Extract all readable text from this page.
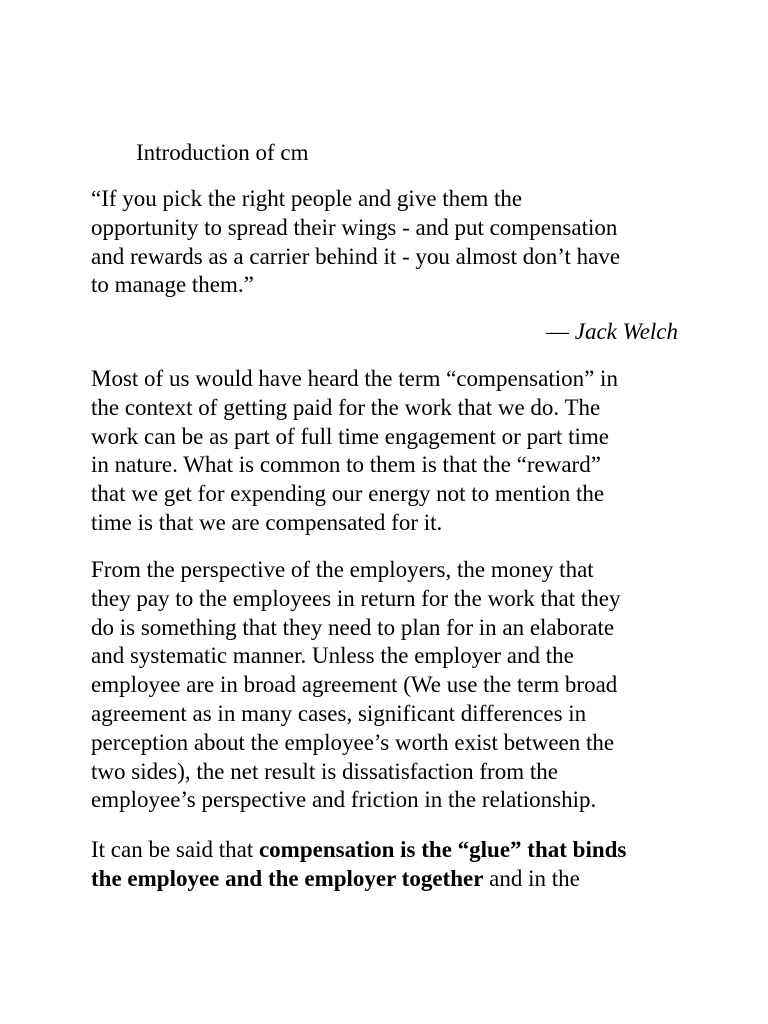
Introduction of cm

“If you pick the right people and give them the
opportunity to spread their wings - and put compensation
and rewards as a carrier behind it - you almost don’t have
to manage them.”

— Jack Welch

Most of us would have heard the term “compensation” in
the context of getting paid for the work that we do. The
work can be as part of full time engagement or part time
in nature. What is common to them is that the “reward”
that we get for expending our energy not to mention the
time is that we are compensated for it.

From the perspective of the employers, the money that
they pay to the employees in return for the work that they
do is something that they need to plan for in an elaborate
and systematic manner. Unless the employer and the
employee are in broad agreement (We use the term broad
agreement as in many cases, significant differences in
perception about the employee’s worth exist between the
two sides), the net result is dissatisfaction from the
employee’s perspective and friction in the relationship.

It can be said that compensation is the “glue” that binds
the employee and the employer together and in the
